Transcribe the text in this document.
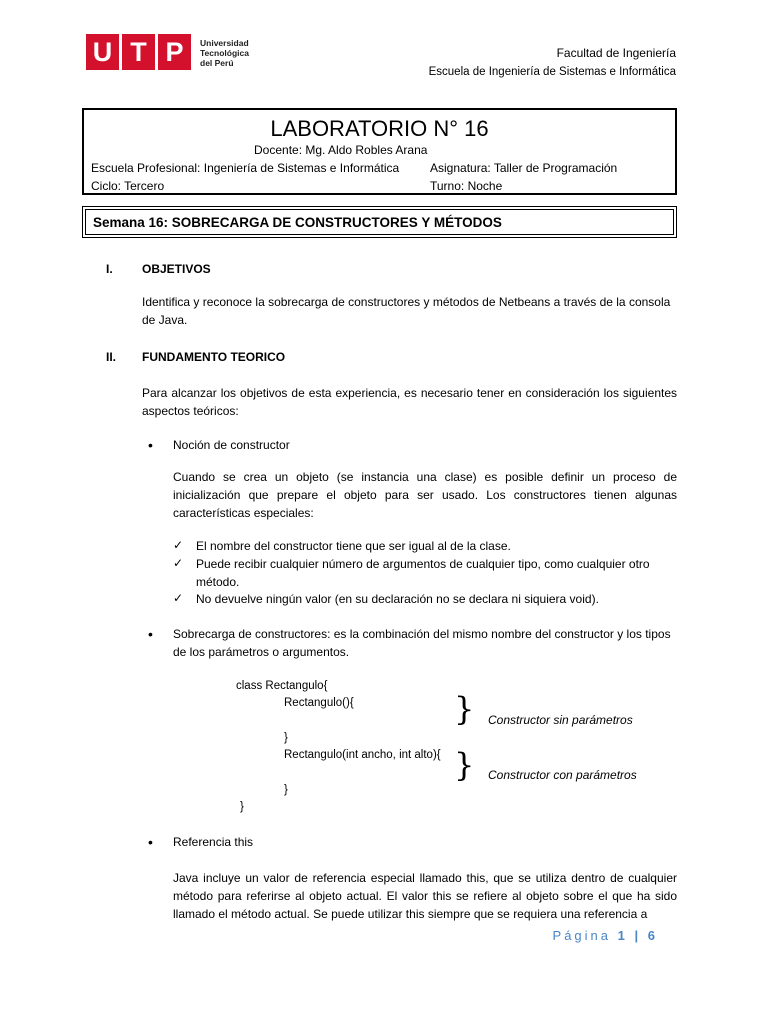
U T P	Universidad
Tecnológica
del Perú
Facultad de Ingeniería
Escuela de Ingeniería de Sistemas e Informática
LABORATORIO N° 16
Docente: Mg. Aldo Robles Arana
Escuela Profesional: Ingeniería de Sistemas e Informática	Asignatura: Taller de Programación
Ciclo: Tercero	Turno: Noche
Semana 16: SOBRECARGA DE CONSTRUCTORES Y MÉTODOS
I. OBJETIVOS
Identifica y reconoce la sobrecarga de constructores y métodos de Netbeans a través de la consola de Java.
II. FUNDAMENTO TEORICO
Para alcanzar los objetivos de esta experiencia, es necesario tener en consideración los siguientes aspectos teóricos:
• Noción de constructor
Cuando se crea un objeto (se instancia una clase) es posible definir un proceso de inicialización que prepare el objeto para ser usado. Los constructores tienen algunas características especiales:
✓ El nombre del constructor tiene que ser igual al de la clase.
✓ Puede recibir cualquier número de argumentos de cualquier tipo, como cualquier otro método.
✓ No devuelve ningún valor (en su declaración no se declara ni siquiera void).
• Sobrecarga de constructores: es la combinación del mismo nombre del constructor y los tipos de los parámetros o argumentos.
class Rectangulo{
Rectangulo(){	} Constructor sin parámetros
}
Rectangulo(int ancho, int alto){ } Constructor con parámetros
}
}
• Referencia this
Java incluye un valor de referencia especial llamado this, que se utiliza dentro de cualquier método para referirse al objeto actual. El valor this se refiere al objeto sobre el que ha sido llamado el método actual. Se puede utilizar this siempre que se requiera una referencia a
Página 1 | 6
